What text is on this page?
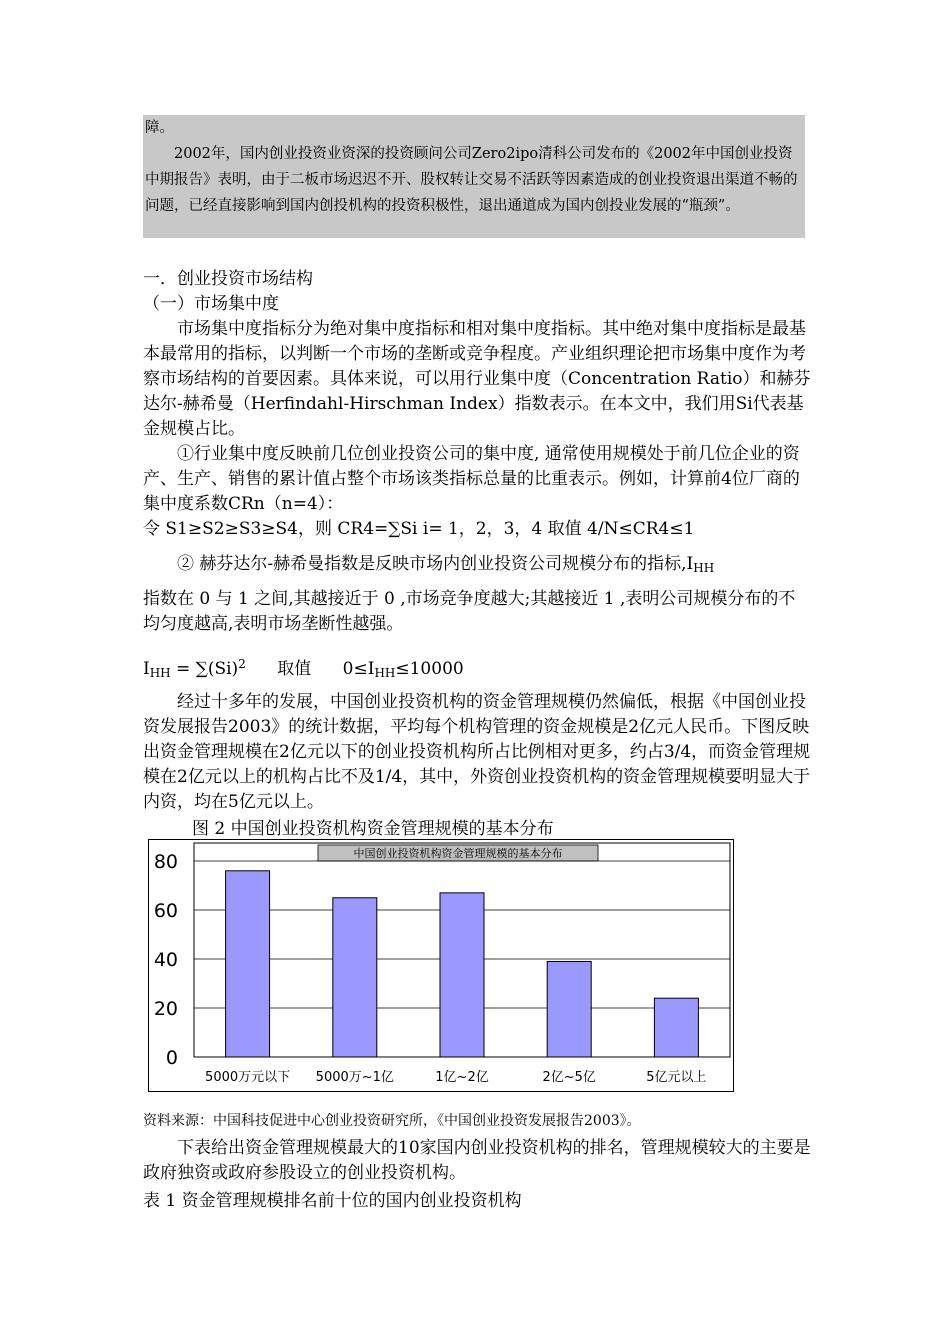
障。

2002年，国内创业投资业资深的投资顾问公司Zero2ipo清科公司发布的《2002年中国创业投资中期报告》表明，由于二板市场迟迟不开、股权转让交易不活跃等因素造成的创业投资退出渠道不畅的问题，已经直接影响到国内创投机构的投资积极性，退出通道成为国内创投业发展的“瓶颈”。

一．创业投资市场结构
（一）市场集中度

市场集中度指标分为绝对集中度指标和相对集中度指标。其中绝对集中度指标是最基本最常用的指标，以判断一个市场的垄断或竞争程度。产业组织理论把市场集中度作为考察市场结构的首要因素。具体来说，可以用行业集中度（Concentration Ratio）和赫芬达尔-赫希曼（Herfindahl-Hirschman Index）指数表示。在本文中，我们用Si代表基金规模占比。

①行业集中度反映前几位创业投资公司的集中度, 通常使用规模处于前几位企业的资产、生产、销售的累计值占整个市场该类指标总量的比重表示。例如，计算前4位厂商的集中度系数CRn（n=4）：

令 S1≥S2≥S3≥S4，则 CR4=∑Si i= 1，2，3，4 取值 4/N≤CR4≤1

② 赫芬达尔-赫希曼指数是反映市场内创业投资公司规模分布的指标$,I_{HH}$

指数在 0 与 1 之间,其越接近于 0 ,市场竞争度越大;其越接近 1 ,表明公司规模分布的不均匀度越高,表明市场垄断性越强。

$I_{HH} = \sum(Si)^2$ 取值 $0\le I_{HH}\le 10000$

经过十多年的发展，中国创业投资机构的资金管理规模仍然偏低，根据《中国创业投资发展报告2003》的统计数据，平均每个机构管理的资金规模是2亿元人民币。下图反映出资金管理规模在2亿元以下的创业投资机构所占比例相对更多，约占3/4，而资金管理规模在2亿元以上的机构占比不及1/4，其中，外资创业投资机构的资金管理规模要明显大于内资，均在5亿元以上。

图 2 中国创业投资机构资金管理规模的基本分布
中国创业投资机构资金管理规模的基本分布
0
20
40
60
80
5000万元以下 5000万~1亿	1亿~2亿	2亿~5亿	5亿元以上
资料来源：中国科技促进中心创业投资研究所，《中国创业投资发展报告2003》。

下表给出资金管理规模最大的10家国内创业投资机构的排名，管理规模较大的主要是政府独资或政府参股设立的创业投资机构。

表 1 资金管理规模排名前十位的国内创业投资机构
